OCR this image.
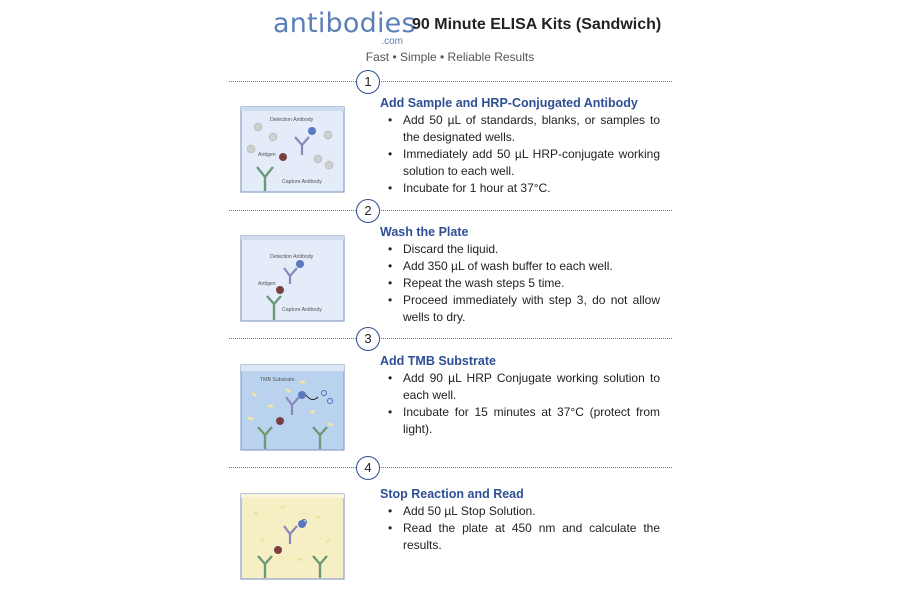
antibodies
.com
90 Minute ELISA Kits (Sandwich)
Fast • Simple • Reliable Results
1
2
3
4
Detection Antibody
Antigen
Capture Antibody
Add Sample and HRP-Conjugated Antibody
• Add 50 µL of standards, blanks, or samples to the designated wells.
• Immediately add 50 µL HRP-conjugate working solution to each well.
• Incubate for 1 hour at 37°C.
Detection Antibody
Antigen
Capture Antibody
Wash the Plate
• Discard the liquid.
• Add 350 µL of wash buffer to each well.
• Repeat the wash steps 5 time.
• Proceed immediately with step 3, do not allow wells to dry.
TMB Substrate
Add TMB Substrate
• Add 90 µL HRP Conjugate working solution to each well.
• Incubate for 15 minutes at 37°C (protect from light).
Stop Reaction and Read
• Add 50 µL Stop Solution.
• Read the plate at 450 nm and calculate the results.
